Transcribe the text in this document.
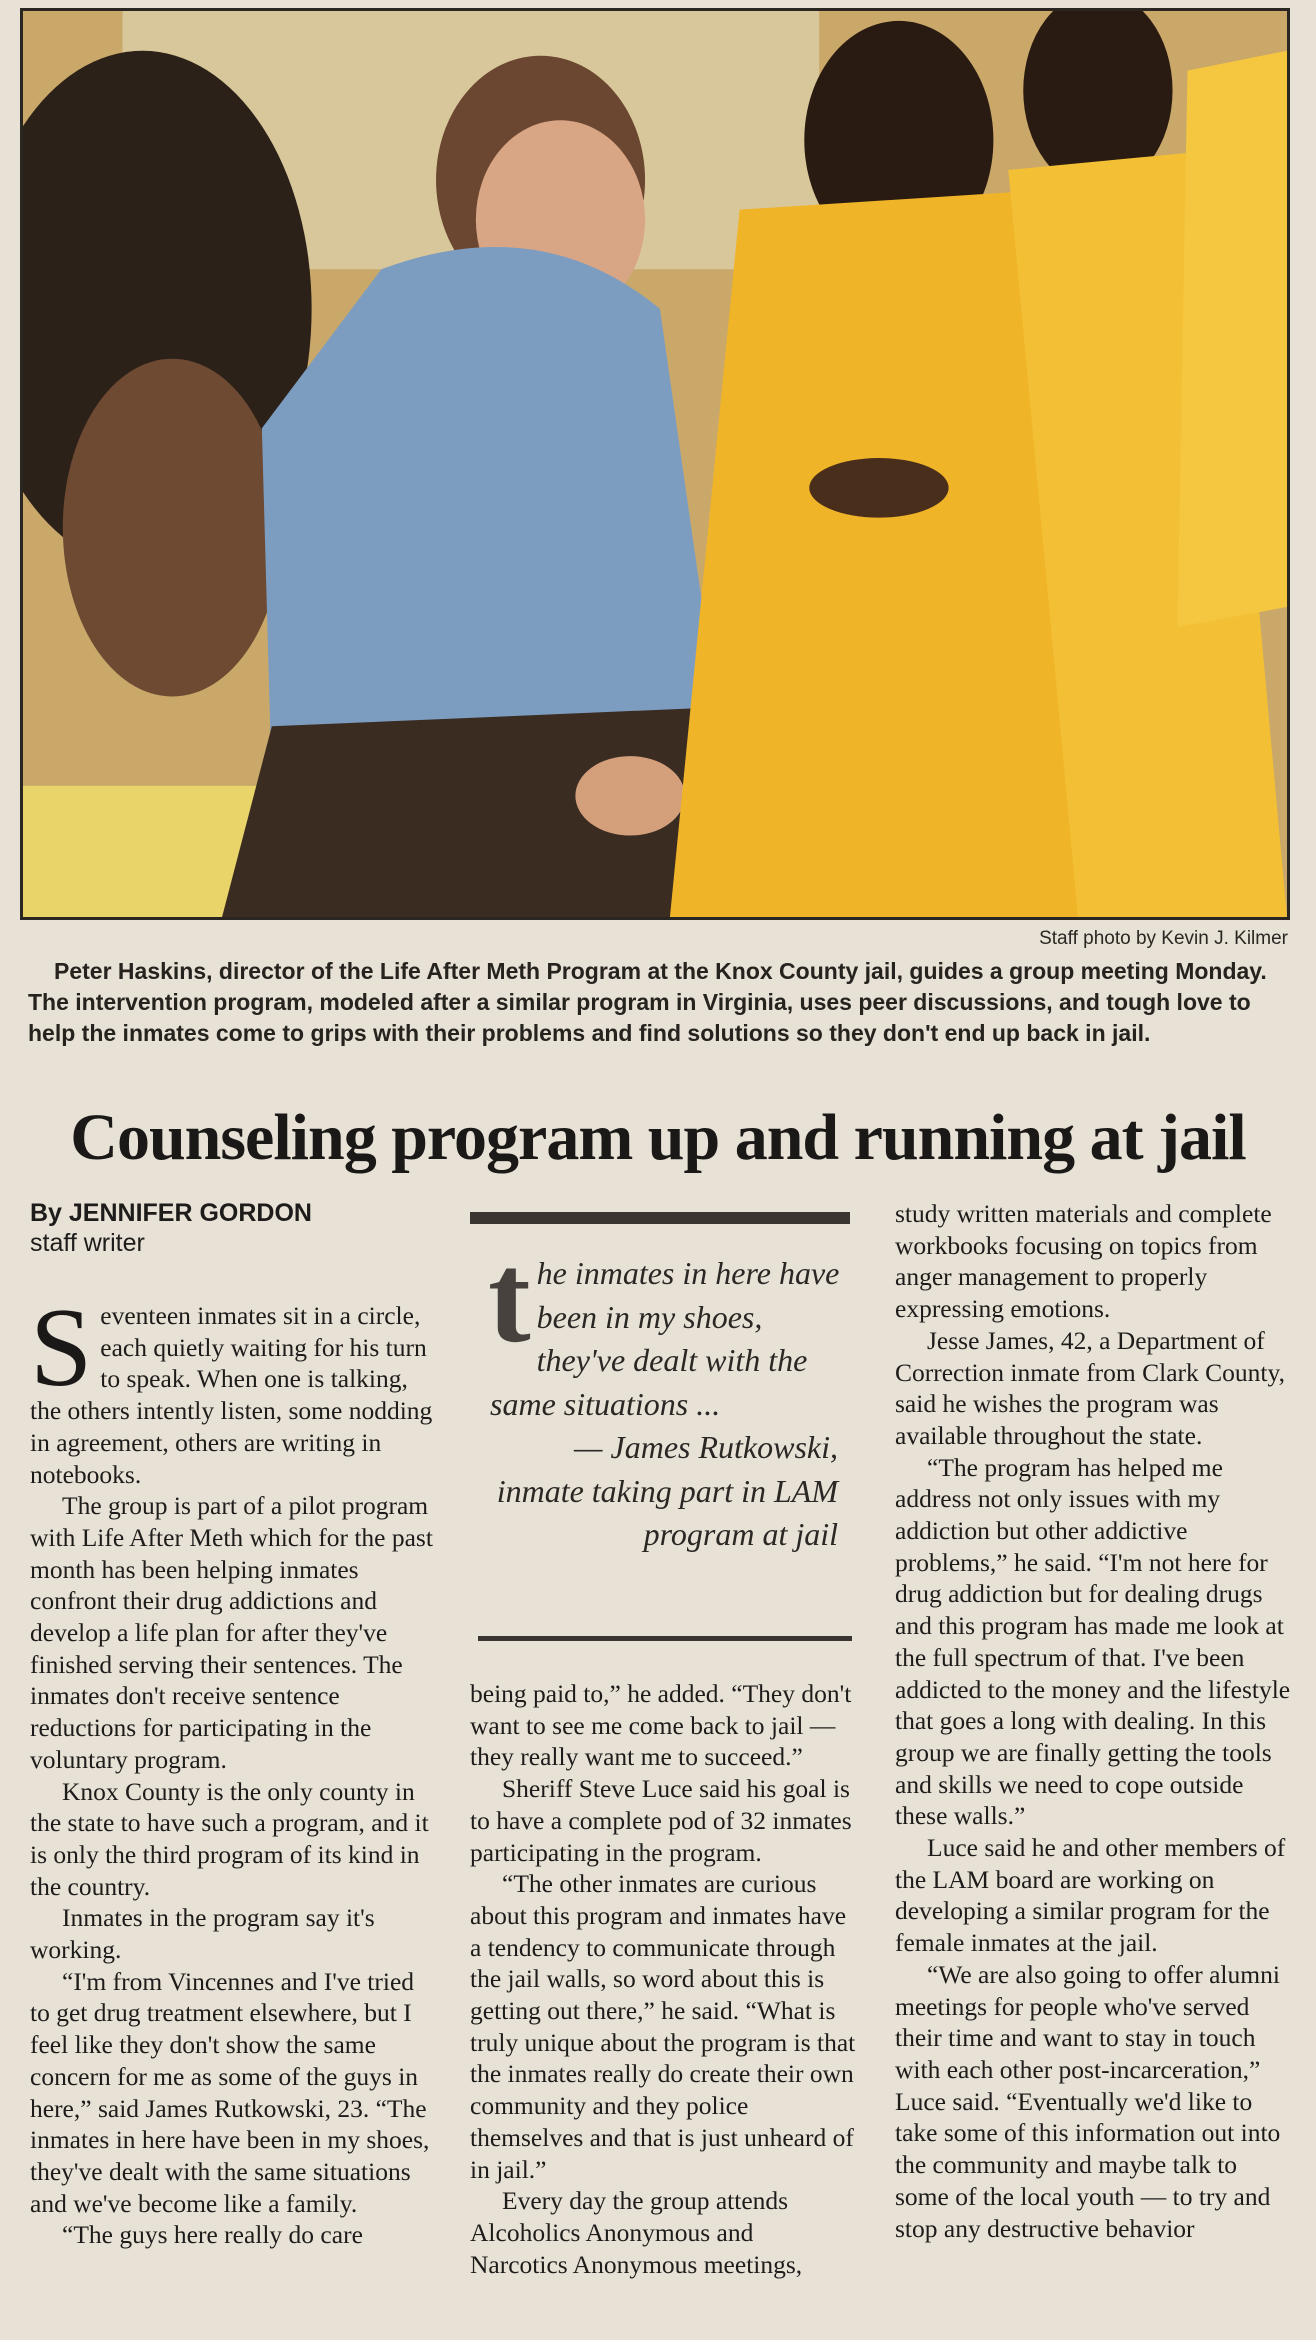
Staff photo by Kevin J. Kilmer
Peter Haskins, director of the Life After Meth Program at the Knox County jail, guides a group meeting Monday. The intervention program, modeled after a similar program in Virginia, uses peer discussions, and tough love to help the inmates come to grips with their problems and find solutions so they don't end up back in jail.
Counseling program up and running at jail
By JENNIFER GORDON
staff writer

Seventeen inmates sit in a circle, each quietly waiting for his turn to speak. When one is talking, the others intently listen, some nodding in agreement, others are writing in notebooks.

The group is part of a pilot program with Life After Meth which for the past month has been helping inmates confront their drug addictions and develop a life plan for after they've finished serving their sentences. The inmates don't receive sentence reductions for participating in the voluntary program.

Knox County is the only county in the state to have such a program, and it is only the third program of its kind in the country.

Inmates in the program say it's working.

“I'm from Vincennes and I've tried to get drug treatment elsewhere, but I feel like they don't show the same concern for me as some of the guys in here,” said James Rutkowski, 23. “The inmates in here have been in my shoes, they've dealt with the same situations and we've become like a family.

“The guys here really do care

t he inmates in here have been in my shoes, they've dealt with the same situations ...
— James Rutkowski, inmate taking part in LAM program at jail

being paid to,” he added. “They don't want to see me come back to jail — they really want me to succeed.”

Sheriff Steve Luce said his goal is to have a complete pod of 32 inmates participating in the program.

“The other inmates are curious about this program and inmates have a tendency to communicate through the jail walls, so word about this is getting out there,” he said. “What is truly unique about the program is that the inmates really do create their own community and they police themselves and that is just unheard of in jail.”

Every day the group attends Alcoholics Anonymous and Narcotics Anonymous meetings,

study written materials and complete workbooks focusing on topics from anger management to properly expressing emotions.

Jesse James, 42, a Department of Correction inmate from Clark County, said he wishes the program was available throughout the state.

“The program has helped me address not only issues with my addiction but other addictive problems,” he said. “I'm not here for drug addiction but for dealing drugs and this program has made me look at the full spectrum of that. I've been addicted to the money and the lifestyle that goes a long with dealing. In this group we are finally getting the tools and skills we need to cope outside these walls.”

Luce said he and other members of the LAM board are working on developing a similar program for the female inmates at the jail.

“We are also going to offer alumni meetings for people who've served their time and want to stay in touch with each other post-incarceration,” Luce said. “Eventually we'd like to take some of this information out into the community and maybe talk to some of the local youth — to try and stop any destructive behavior
